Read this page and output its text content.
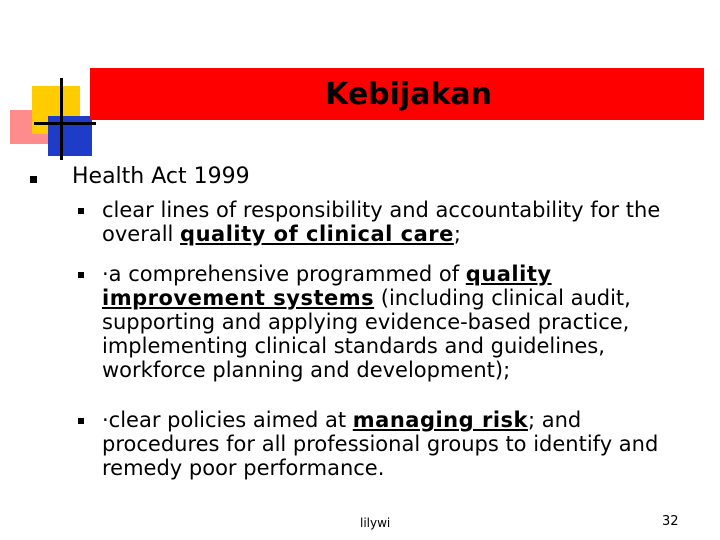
Kebijakan
Health Act 1999
clear lines of responsibility and accountability for the overall quality of clinical care;
·a comprehensive programmed of quality improvement systems (including clinical audit, supporting and applying evidence-based practice, implementing clinical standards and guidelines, workforce planning and development);
·clear policies aimed at managing risk; and procedures for all professional groups to identify and remedy poor performance.
lilywi	32
